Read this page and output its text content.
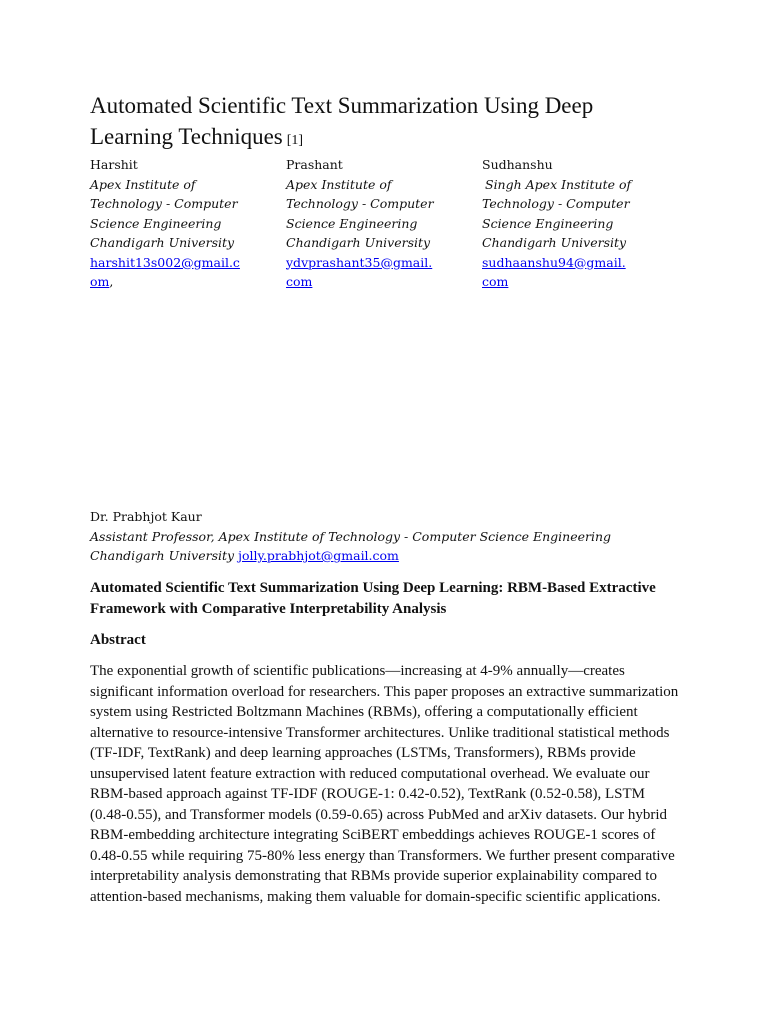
Automated Scientific Text Summarization Using Deep Learning Techniques [1]
Harshit

Apex Institute of Technology - Computer Science Engineering Chandigarh University
harshit13s002@gmail.com,
Prashant

Apex Institute of Technology - Computer Science Engineering Chandigarh University
ydvprashant35@gmail.com
Sudhanshu

Singh Apex Institute of Technology - Computer Science Engineering Chandigarh University
sudhaanshu94@gmail.com
Dr. Prabhjot Kaur
Assistant Professor, Apex Institute of Technology - Computer Science Engineering Chandigarh University jolly.prabhjot@gmail.com
Automated Scientific Text Summarization Using Deep Learning: RBM-Based Extractive Framework with Comparative Interpretability Analysis
Abstract

The exponential growth of scientific publications—increasing at 4-9% annually—creates significant information overload for researchers. This paper proposes an extractive summarization system using Restricted Boltzmann Machines (RBMs), offering a computationally efficient alternative to resource-intensive Transformer architectures. Unlike traditional statistical methods (TF-IDF, TextRank) and deep learning approaches (LSTMs, Transformers), RBMs provide unsupervised latent feature extraction with reduced computational overhead. We evaluate our RBM-based approach against TF-IDF (ROUGE-1: 0.42-0.52), TextRank (0.52-0.58), LSTM (0.48-0.55), and Transformer models (0.59-0.65) across PubMed and arXiv datasets. Our hybrid RBM-embedding architecture integrating SciBERT embeddings achieves ROUGE-1 scores of 0.48-0.55 while requiring 75-80% less energy than Transformers. We further present comparative interpretability analysis demonstrating that RBMs provide superior explainability compared to attention-based mechanisms, making them valuable for domain-specific scientific applications.
